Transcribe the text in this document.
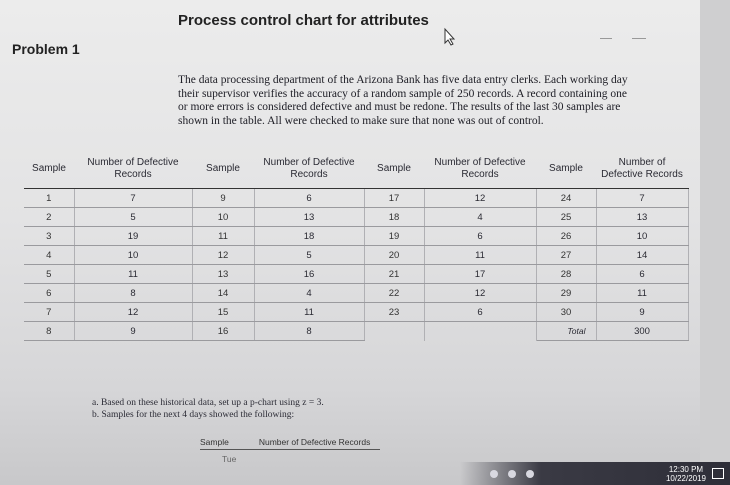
Process control chart for attributes
Problem 1
The data processing department of the Arizona Bank has five data entry clerks. Each working day
their supervisor verifies the accuracy of a random sample of 250 records. A record containing one
or more errors is considered defective and must be redone. The results of the last 30 samples are
shown in the table. All were checked to make sure that none was out of control.
Sample	Number of Defective Records	Sample	Number of Defective Records	Sample	Number of Defective Records	Sample	Number of Defective Records
1	7	9	6	17	12	24	7
2	5	10	13	18	4	25	13
3	19	11	18	19	6	26	10
4	10	12	5	20	11	27	14
5	11	13	16	21	17	28	6
6	8	14	4	22	12	29	11
7	12	15	11	23	6	30	9
8	9	16	8			Total	300
a. Based on these historical data, set up a p-chart using z = 3.
b. Samples for the next 4 days showed the following:
Sample	Number of Defective Records
Tue
12:30 PM
10/22/2019
